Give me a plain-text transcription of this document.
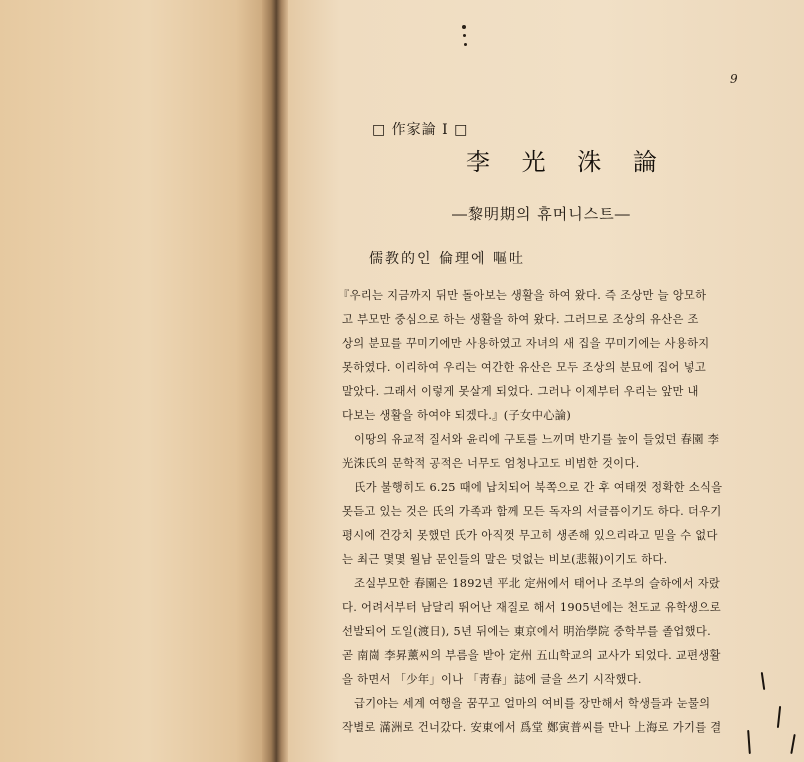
9
□ 作家論 Ⅰ □
李 光 洙 論
―黎明期의 휴머니스트―
儒教的인 倫理에 嘔吐
『우리는 지금까지 뒤만 돌아보는 생활을 하여 왔다. 즉 조상만 늘 앙모하
고 부모만 중심으로 하는 생활을 하여 왔다. 그러므로 조상의 유산은 조
상의 분묘를 꾸미기에만 사용하였고 자녀의 새 집을 꾸미기에는 사용하지
못하였다. 이리하여 우리는 여간한 유산은 모두 조상의 분묘에 집어 넣고
말았다. 그래서 이렇게 못살게 되었다. 그러나 이제부터 우리는 앞만 내
다보는 생활을 하여야 되겠다.』(子女中心論)
이땅의 유교적 질서와 윤리에 구토를 느끼며 반기를 높이 들었던 春園 李
光洙氏의 문학적 공적은 너무도 엄청나고도 비범한 것이다.
氏가 불행히도 6.25 때에 납치되어 북쪽으로 간 후 여태껏 정확한 소식을
못듣고 있는 것은 氏의 가족과 함께 모든 독자의 서글픔이기도 하다. 더우기
평시에 건강치 못했던 氏가 아직껏 무고히 생존해 있으리라고 믿을 수 없다
는 최근 몇몇 월남 문인들의 말은 덧없는 비보(悲報)이기도 하다.
조실부모한 春園은 1892년 平北 定州에서 태어나 조부의 슬하에서 자랐
다. 어려서부터 남달리 뛰어난 재질로 해서 1905년에는 천도교 유학생으로
선발되어 도일(渡日), 5년 뒤에는 東京에서 明治學院 중학부를 졸업했다.
곧 南崗 李昇薰씨의 부름을 받아 定州 五山학교의 교사가 되었다. 교편생활
을 하면서 「少年」이나 「靑春」誌에 글을 쓰기 시작했다.
급기야는 세계 여행을 꿈꾸고 얼마의 여비를 장만해서 학생들과 눈물의
작별로 滿洲로 건너갔다. 安東에서 爲堂 鄭寅普씨를 만나 上海로 가기를 결
